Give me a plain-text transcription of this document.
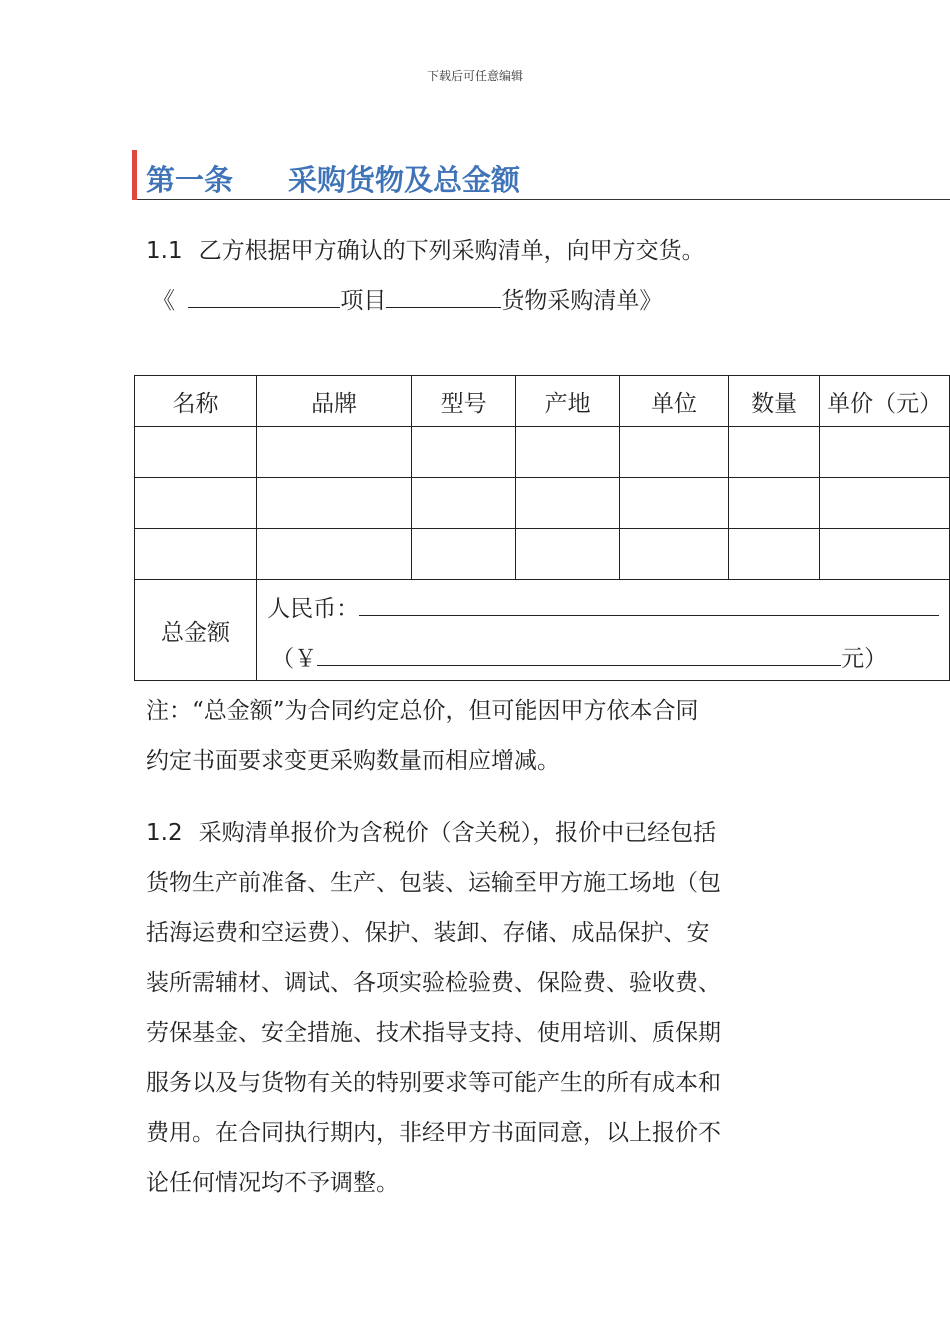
下载后可任意编辑
第一条 采购货物及总金额
1.1 乙方根据甲方确认的下列采购清单，向甲方交货。
《	项目	货物采购清单》
名称	品牌	型号	产地	单位	数量	单价（元）

总金额	人民币：
（￥ 元）					
注：“总金额”为合同约定总价，但可能因甲方依本合同
约定书面要求变更采购数量而相应增减。
1.2 采购清单报价为含税价（含关税），报价中已经包括
货物生产前准备、生产、包装、运输至甲方施工场地（包
括海运费和空运费）、保护、装卸、存储、成品保护、安
装所需辅材、调试、各项实验检验费、保险费、验收费、
劳保基金、安全措施、技术指导支持、使用培训、质保期
服务以及与货物有关的特别要求等可能产生的所有成本和
费用。在合同执行期内，非经甲方书面同意，以上报价不
论任何情况均不予调整。
